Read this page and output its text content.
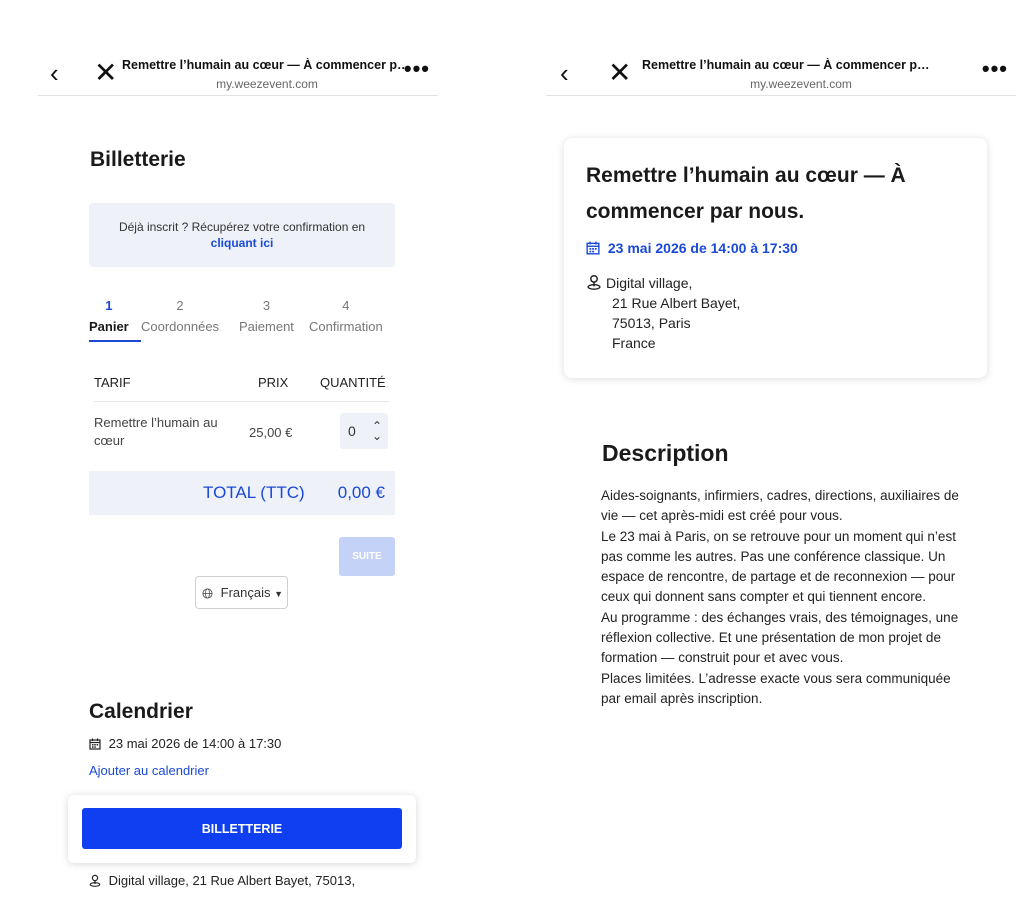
‹ ✕ Remettre l’humain au cœur — À commencer p…
my.weezevent.com
•••
Billetterie
Déjà inscrit ? Récupérez votre confirmation en
cliquant ici
1
Panier
2
Coordonnées
3
Paiement
4
Confirmation
TARIF	PRIX QUANTITÉ
Remettre l’humain au cœur
25,00 €	0 ⌃
⌄
TOTAL (TTC) 0,00 €
SUITE
Français ▼
Calendrier
23 mai 2026 de 14:00 à 17:30
Ajouter au calendrier
BILLETTERIE
Digital village, 21 Rue Albert Bayet, 75013,
‹ ✕ Remettre l’humain au cœur — À commencer p…
my.weezevent.com
•••
Remettre l’humain au cœur — À commencer par nous.
23 mai 2026 de 14:00 à 17:30
Digital village,
21 Rue Albert Bayet,
75013, Paris
France
Description

Aides-soignants, infirmiers, cadres, directions, auxiliaires de vie — cet après-midi est créé pour vous.

Le 23 mai à Paris, on se retrouve pour un moment qui n’est pas comme les autres. Pas une conférence classique. Un espace de rencontre, de partage et de reconnexion — pour ceux qui donnent sans compter et qui tiennent encore.

Au programme : des échanges vrais, des témoignages, une réflexion collective. Et une présentation de mon projet de formation — construit pour et avec vous.

Places limitées. L’adresse exacte vous sera communiquée par email après inscription.
